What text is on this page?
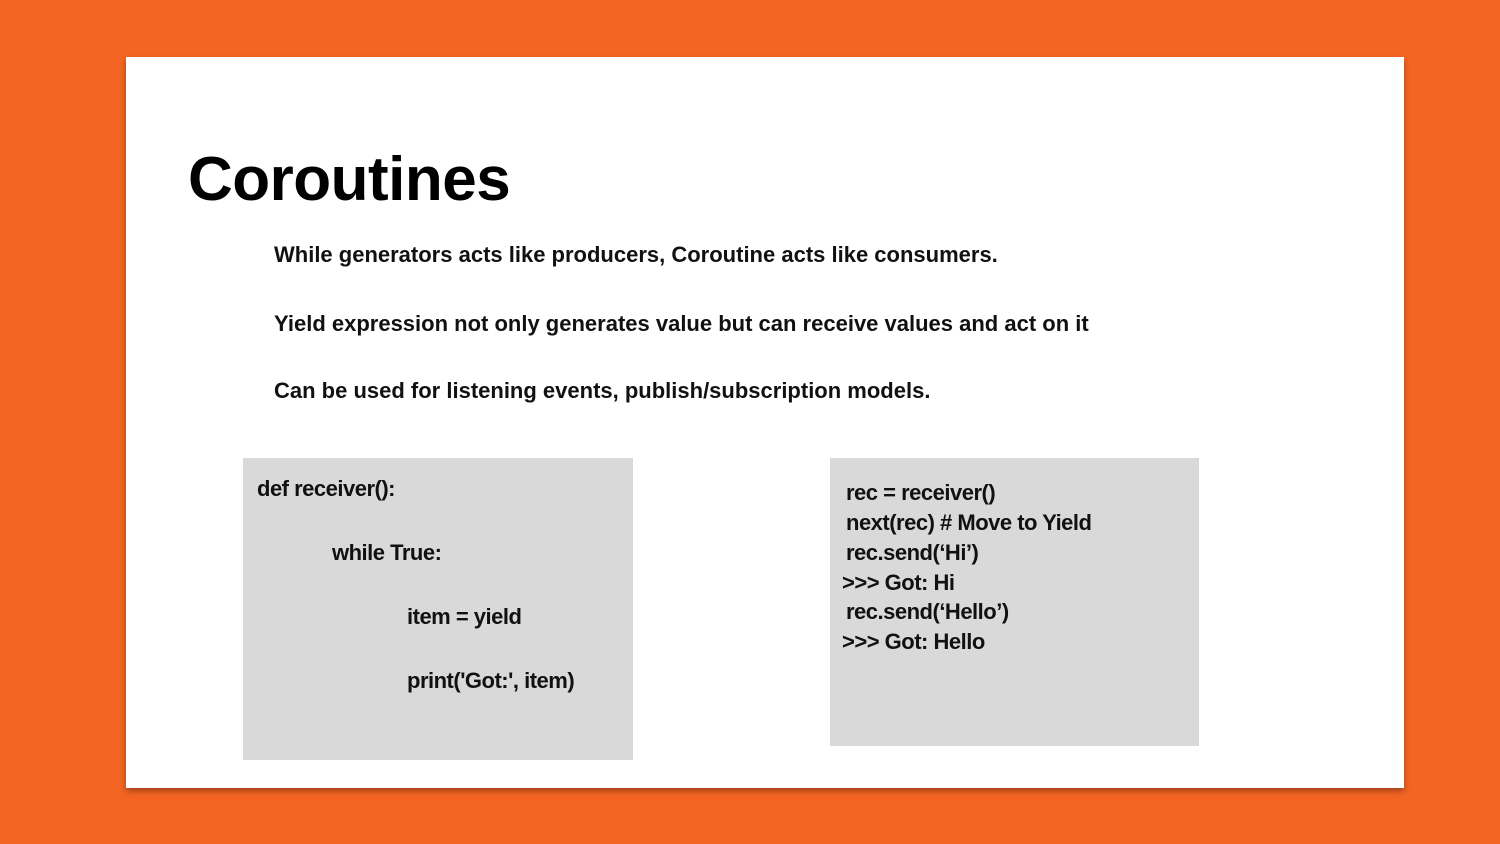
Coroutines

While generators acts like producers, Coroutine acts like consumers.

Yield expression not only generates value but can receive values and act on it

Can be used for listening events, publish/subscription models.

def receiver():

while True:

item = yield

print('Got:', item)

rec = receiver()

next(rec) # Move to Yield

rec.send(‘Hi’)

>>> Got: Hi

rec.send(‘Hello’)

>>> Got: Hello
